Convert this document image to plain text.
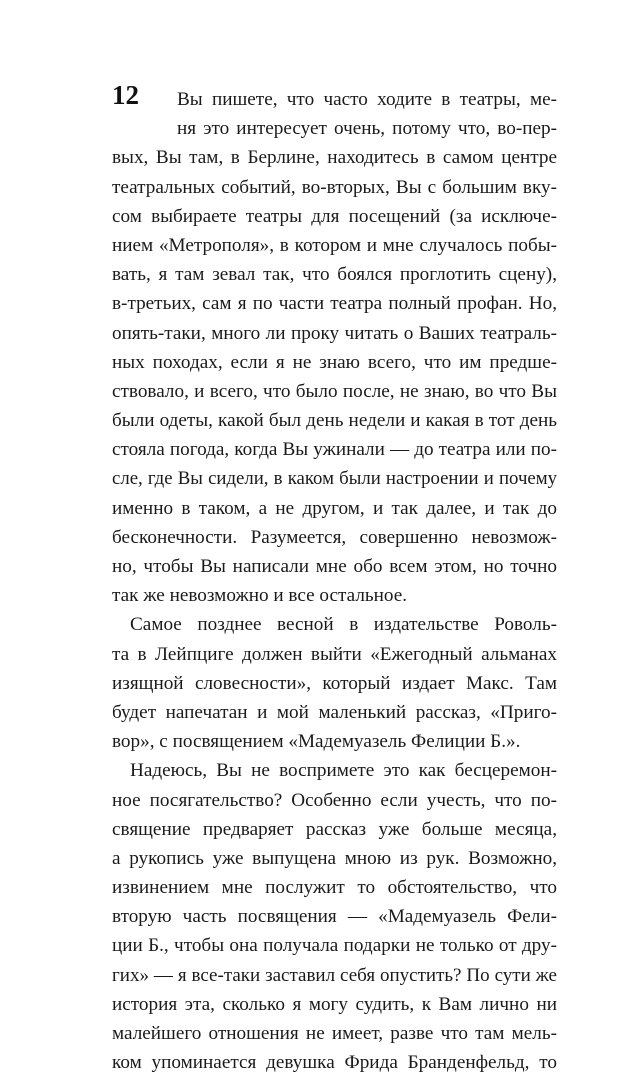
12	Вы пишете, что часто ходите в театры, ме-
ня это интересует очень, потому что, во-пер-
вых, Вы там, в Берлине, находитесь в самом центре
театральных событий, во-вторых, Вы с большим вку-
сом выбираете театры для посещений (за исключе-
нием «Метрополя», в котором и мне случалось побы-
вать, я там зевал так, что боялся проглотить сцену),
в-третьих, сам я по части театра полный профан. Но,
опять-таки, много ли проку читать о Ваших театраль-
ных походах, если я не знаю всего, что им предше-
ствовало, и всего, что было после, не знаю, во что Вы
были одеты, какой был день недели и какая в тот день
стояла погода, когда Вы ужинали — до театра или по-
сле, где Вы сидели, в каком были настроении и почему
именно в таком, а не другом, и так далее, и так до
бесконечности. Разумеется, совершенно невозмож-
но, чтобы Вы написали мне обо всем этом, но точно
так же невозможно и все остальное.
Самое позднее весной в издательстве Роволь-
та в Лейпциге должен выйти «Ежегодный альманах
изящной словесности», который издает Макс. Там
будет напечатан и мой маленький рассказ, «Приго-
вор», с посвящением «Мадемуазель Фелиции Б.».
Надеюсь, Вы не воспримете это как бесцеремон-
ное посягательство? Особенно если учесть, что по-
священие предваряет рассказ уже больше месяца,
а рукопись уже выпущена мною из рук. Возможно,
извинением мне послужит то обстоятельство, что
вторую часть посвящения — «Мадемуазель Фели-
ции Б., чтобы она получала подарки не только от дру-
гих» — я все-таки заставил себя опустить? По сути же
история эта, сколько я могу судить, к Вам лично ни
малейшего отношения не имеет, разве что там мель-
ком упоминается девушка Фрида Бранденфельд, то
